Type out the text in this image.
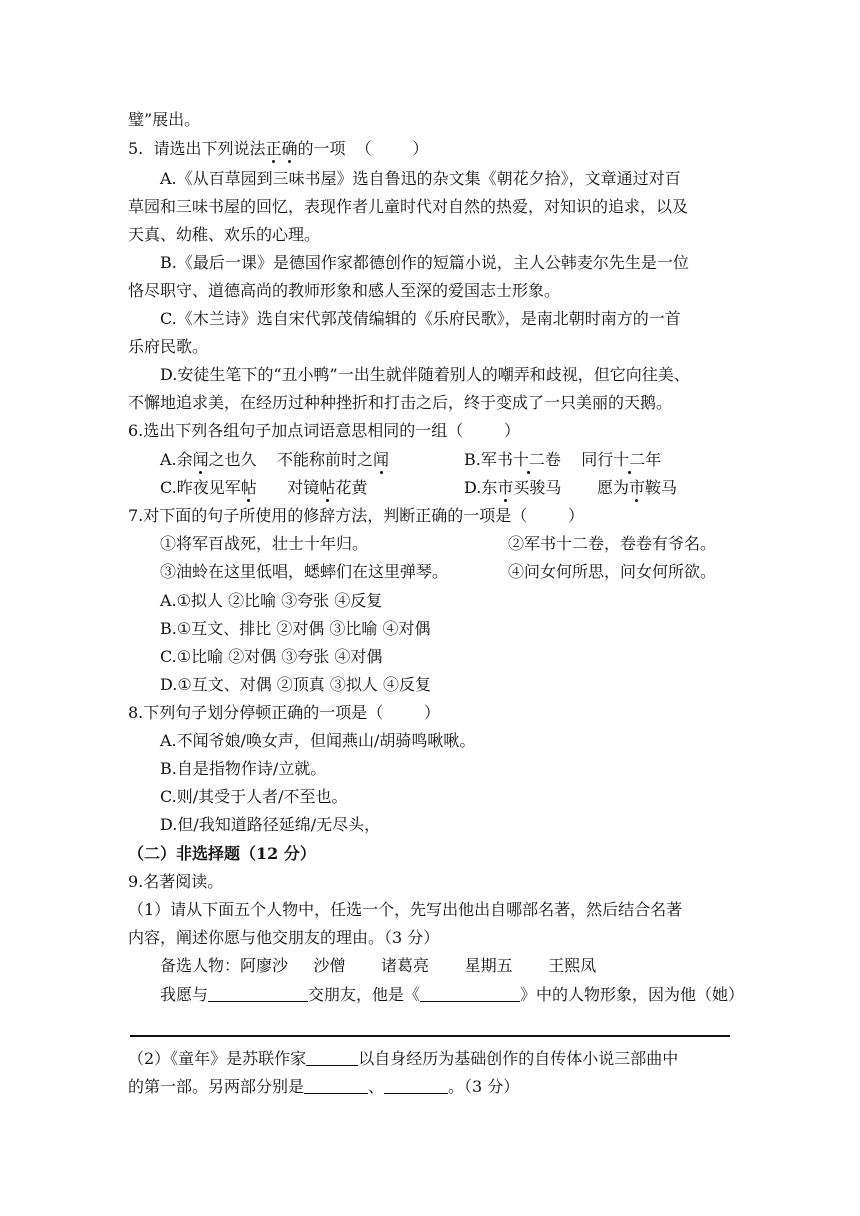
璧”展出。
5.  请选出下列说法正确的一项  （        ）
A.《从百草园到三味书屋》选自鲁迅的杂文集《朝花夕拾》，文章通过对百
草园和三味书屋的回忆，表现作者儿童时代对自然的热爱，对知识的追求，以及
天真、幼稚、欢乐的心理。
B.《最后一课》是德国作家都德创作的短篇小说，主人公韩麦尔先生是一位
恪尽职守、道德高尚的教师形象和感人至深的爱国志士形象。
C.《木兰诗》选自宋代郭茂倩编辑的《乐府民歌》，是南北朝时南方的一首
乐府民歌。
D.安徒生笔下的“丑小鸭”一出生就伴随着别人的嘲弄和歧视，但它向往美、
不懈地追求美，在经历过种种挫折和打击之后，终于变成了一只美丽的天鹅。
6.选出下列各组句子加点词语意思相同的一组（        ）
A.余闻之也久    不能称前时之闻	B.军书十二卷    同行十二年
C.昨夜见军帖      对镜帖花黄	D.东市买骏马       愿为市鞍马
7.对下面的句子所使用的修辞方法，判断正确的一项是（        ）
①将军百战死，壮士十年归。	②军书十二卷，卷卷有爷名。
③油蛉在这里低唱，蟋蟀们在这里弹琴。	④问女何所思，问女何所欲。
A.①拟人 ②比喻 ③夸张 ④反复
B.①互文、排比 ②对偶 ③比喻 ④对偶
C.①比喻 ②对偶 ③夸张 ④对偶
D.①互文、对偶 ②顶真 ③拟人 ④反复
8.下列句子划分停顿正确的一项是（        ）
A.不闻爷娘/唤女声，但闻燕山/胡骑鸣啾啾。
B.自是指物作诗/立就。
C.则/其受于人者/不至也。
D.但/我知道路径延绵/无尽头，
（二）非选择题（12 分）
9.名著阅读。
（1）请从下面五个人物中，任选一个，先写出他出自哪部名著，然后结合名著
内容，阐述你愿与他交朋友的理由。（3 分）
备选人物：阿廖沙     沙僧       诸葛亮       星期五       王熙凤
我愿与	交朋友，他是《	》中的人物形象，因为他（她）
（2）《童年》是苏联作家	以自身经历为基础创作的自传体小说三部曲中
的第一部。另两部分别是	、	。（3 分）
